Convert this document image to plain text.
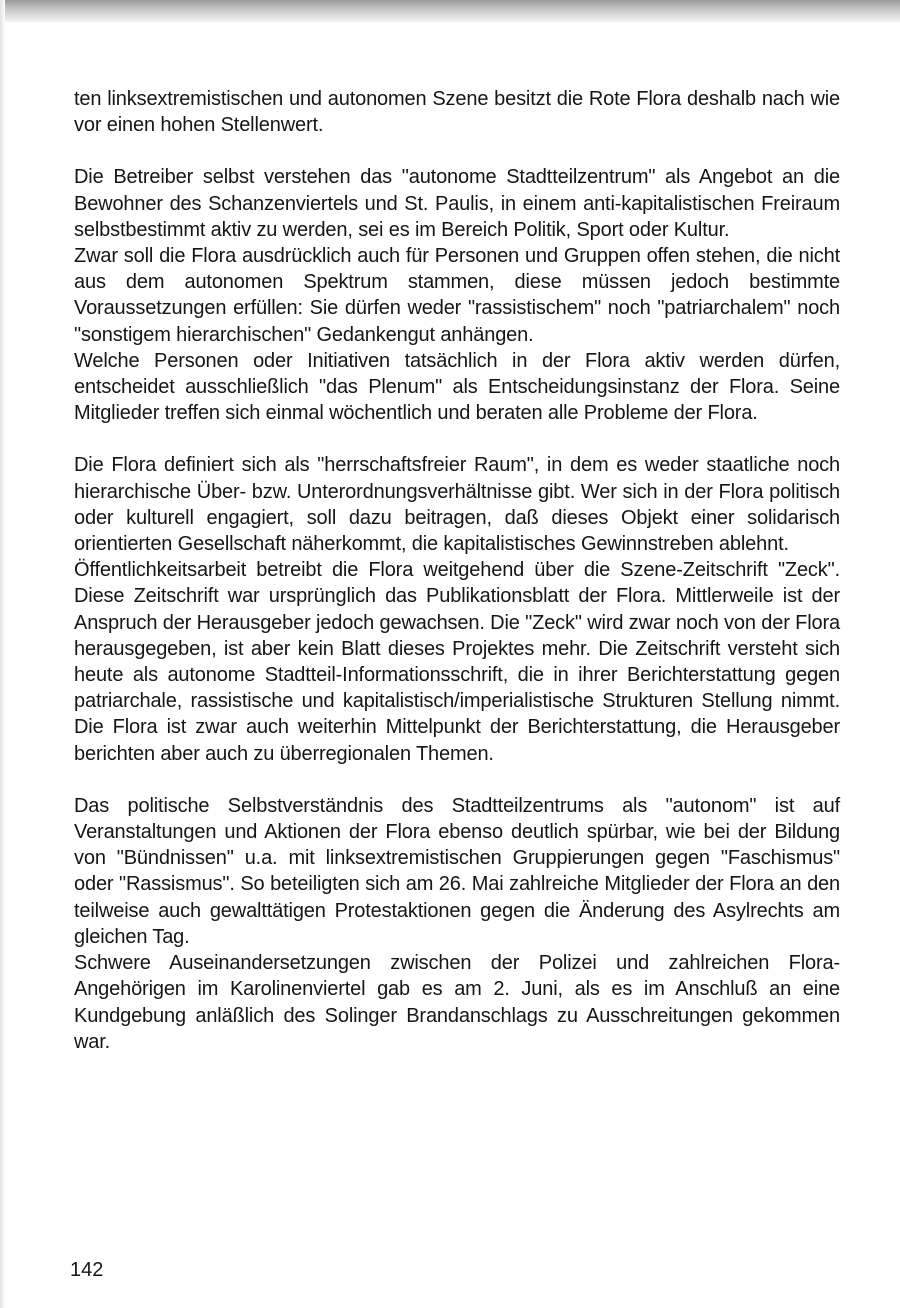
ten linksextremistischen und autonomen Szene besitzt die Rote Flora deshalb nach wie vor einen hohen Stellenwert.

Die Betreiber selbst verstehen das "autonome Stadtteilzentrum" als Angebot an die Bewohner des Schanzenviertels und St. Paulis, in einem anti-kapitalistischen Freiraum selbstbestimmt aktiv zu werden, sei es im Bereich Politik, Sport oder Kultur.

Zwar soll die Flora ausdrücklich auch für Personen und Gruppen offen stehen, die nicht aus dem autonomen Spektrum stammen, diese müssen jedoch bestimmte Voraussetzungen erfüllen: Sie dürfen weder "rassistischem" noch "patriarchalem" noch "sonstigem hierarchischen" Gedankengut anhängen.

Welche Personen oder Initiativen tatsächlich in der Flora aktiv werden dürfen, entscheidet ausschließlich "das Plenum" als Entscheidungsinstanz der Flora. Seine Mitglieder treffen sich einmal wöchentlich und beraten alle Probleme der Flora.

Die Flora definiert sich als "herrschaftsfreier Raum", in dem es weder staatliche noch hierarchische Über- bzw. Unterordnungsverhältnisse gibt. Wer sich in der Flora politisch oder kulturell engagiert, soll dazu beitragen, daß dieses Objekt einer solidarisch orientierten Gesellschaft näherkommt, die kapitalistisches Gewinnstreben ablehnt.

Öffentlichkeitsarbeit betreibt die Flora weitgehend über die Szene-Zeitschrift "Zeck". Diese Zeitschrift war ursprünglich das Publikationsblatt der Flora. Mittlerweile ist der Anspruch der Herausgeber jedoch gewachsen. Die "Zeck" wird zwar noch von der Flora herausgegeben, ist aber kein Blatt dieses Projektes mehr. Die Zeitschrift versteht sich heute als autonome Stadtteil-Informationsschrift, die in ihrer Berichterstattung gegen patriarchale, rassistische und kapitalistisch/imperialistische Strukturen Stellung nimmt. Die Flora ist zwar auch weiterhin Mittelpunkt der Berichterstattung, die Herausgeber berichten aber auch zu überregionalen Themen.

Das politische Selbstverständnis des Stadtteilzentrums als "autonom" ist auf Veranstaltungen und Aktionen der Flora ebenso deutlich spürbar, wie bei der Bildung von "Bündnissen" u.a. mit linksextremistischen Gruppierungen gegen "Faschismus" oder "Rassismus". So beteiligten sich am 26. Mai zahlreiche Mitglieder der Flora an den teilweise auch gewalttätigen Protestaktionen gegen die Änderung des Asylrechts am gleichen Tag.

Schwere Auseinandersetzungen zwischen der Polizei und zahlreichen Flora-Angehörigen im Karolinenviertel gab es am 2. Juni, als es im Anschluß an eine Kundgebung anläßlich des Solinger Brandanschlags zu Ausschreitungen gekommen war.

142
